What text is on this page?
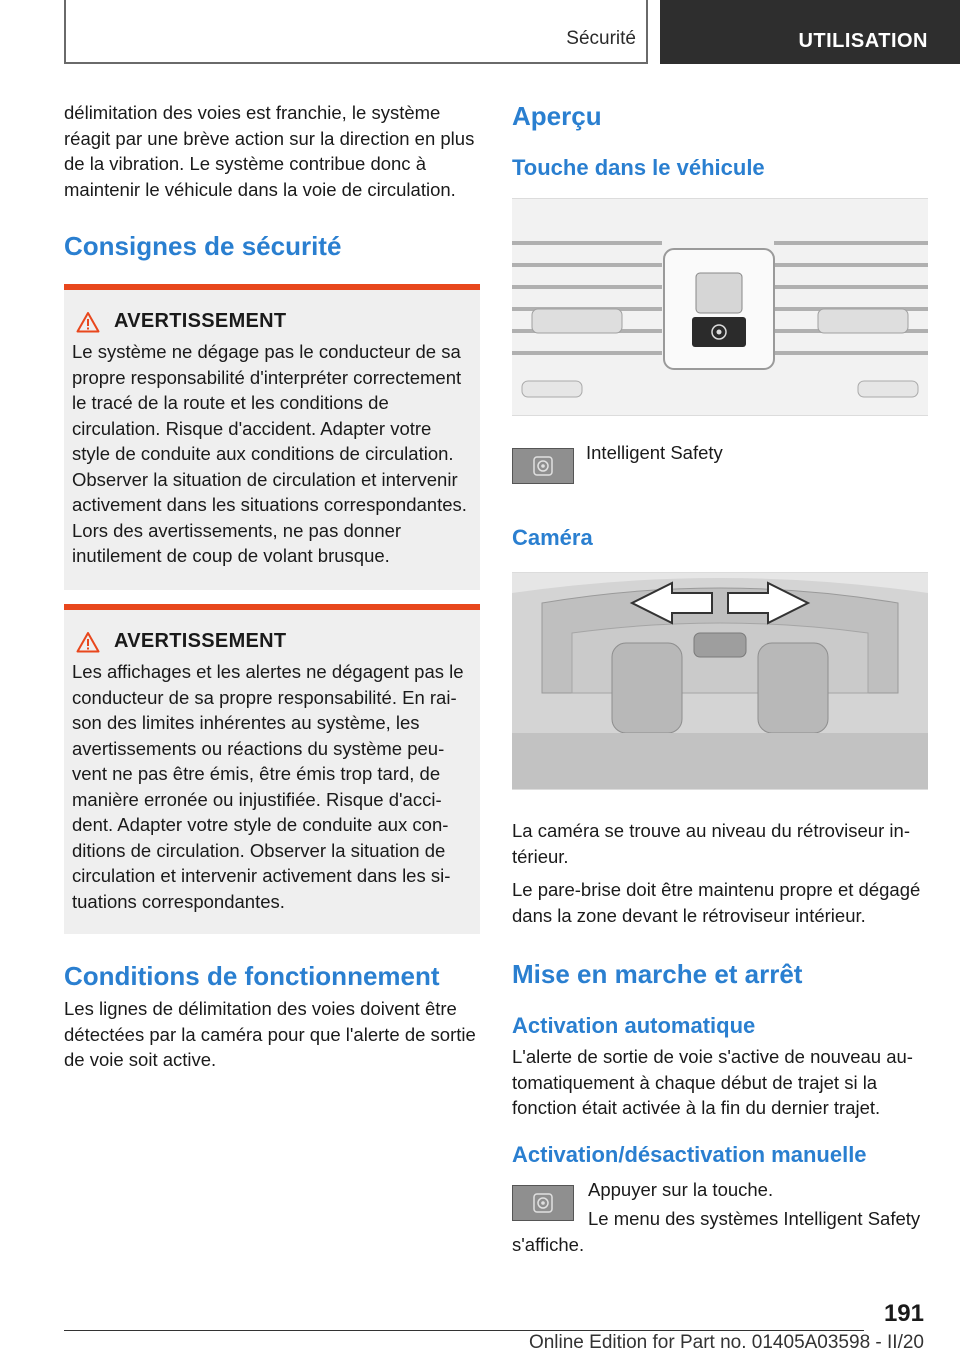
Sécurité	UTILISATION

délimitation des voies est franchie, le système réagit par une brève action sur la direction en plus de la vibration. Le système contribue donc à maintenir le véhicule dans la voie de circulation.

Consignes de sécurité
AVERTISSEMENT

Le système ne dégage pas le conducteur de sa propre responsabilité d'interpréter correctement le tracé de la route et les conditions de circulation. Risque d'accident. Adapter votre style de conduite aux conditions de circulation. Observer la situation de circulation et intervenir activement dans les situations correspondantes. Lors des avertissements, ne pas donner inutilement de coup de volant brusque.

AVERTISSEMENT

Les affichages et les alertes ne dégagent pas le conducteur de sa propre responsabilité. En raison des limites inhérentes au système, les avertissements ou réactions du système peuvent ne pas être émis, être émis trop tard, de manière erronée ou injustifiée. Risque d'accident. Adapter votre style de conduite aux conditions de circulation. Observer la situation de circulation et intervenir activement dans les situations correspondantes.

Conditions de fonctionnement

Les lignes de délimitation des voies doivent être détectées par la caméra pour que l'alerte de sortie de voie soit active.

Aperçu
Touche dans le véhicule

Intelligent Safety

Caméra

La caméra se trouve au niveau du rétroviseur intérieur.

Le pare-brise doit être maintenu propre et dégagé dans la zone devant le rétroviseur intérieur.

Mise en marche et arrêt
Activation automatique

L'alerte de sortie de voie s'active de nouveau automatiquement à chaque début de trajet si la fonction était activée à la fin du dernier trajet.

Activation/désactivation manuelle

Appuyer sur la touche.

Le menu des systèmes Intelligent Safety s'affiche.

191
Online Edition for Part no. 01405A03598 - II/20
